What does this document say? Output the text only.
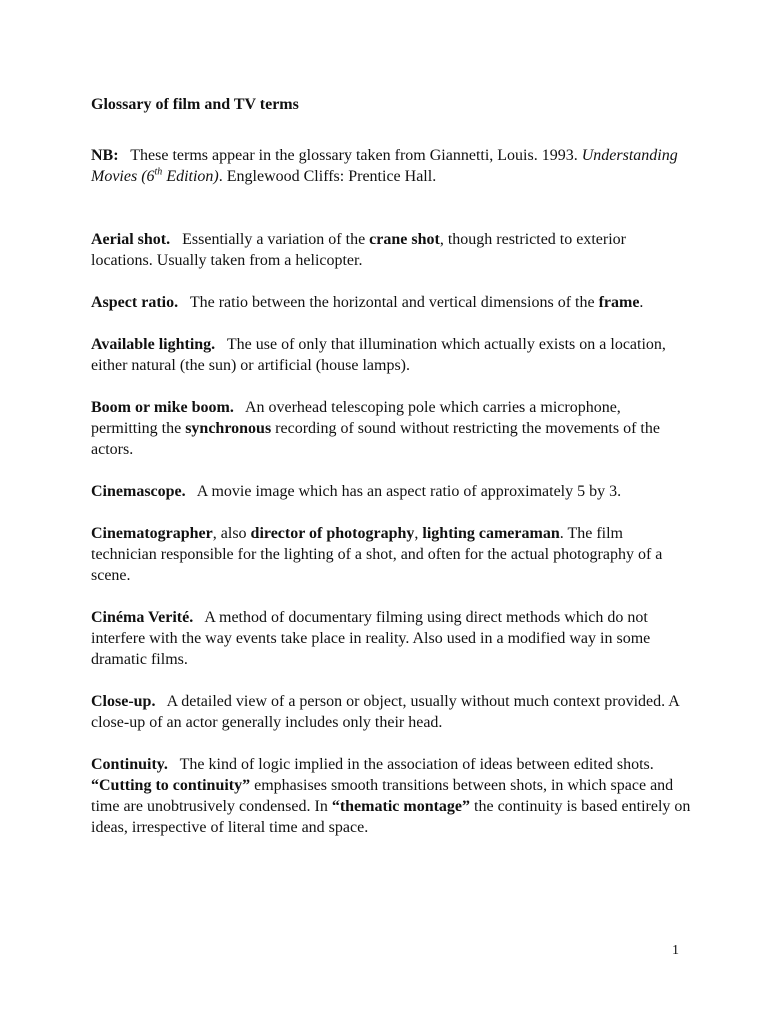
Glossary of film and TV terms

NB: These terms appear in the glossary taken from Giannetti, Louis. 1993. Understanding Movies (6th Edition). Englewood Cliffs: Prentice Hall.

Aerial shot. Essentially a variation of the crane shot, though restricted to exterior locations. Usually taken from a helicopter.

Aspect ratio. The ratio between the horizontal and vertical dimensions of the frame.

Available lighting. The use of only that illumination which actually exists on a location, either natural (the sun) or artificial (house lamps).

Boom or mike boom. An overhead telescoping pole which carries a microphone, permitting the synchronous recording of sound without restricting the movements of the actors.

Cinemascope. A movie image which has an aspect ratio of approximately 5 by 3.

Cinematographer, also director of photography, lighting cameraman. The film technician responsible for the lighting of a shot, and often for the actual photography of a scene.

Cinéma Verité. A method of documentary filming using direct methods which do not interfere with the way events take place in reality. Also used in a modified way in some dramatic films.

Close-up. A detailed view of a person or object, usually without much context provided. A close-up of an actor generally includes only their head.

Continuity. The kind of logic implied in the association of ideas between edited shots. “Cutting to continuity” emphasises smooth transitions between shots, in which space and time are unobtrusively condensed. In “thematic montage” the continuity is based entirely on ideas, irrespective of literal time and space.

1
